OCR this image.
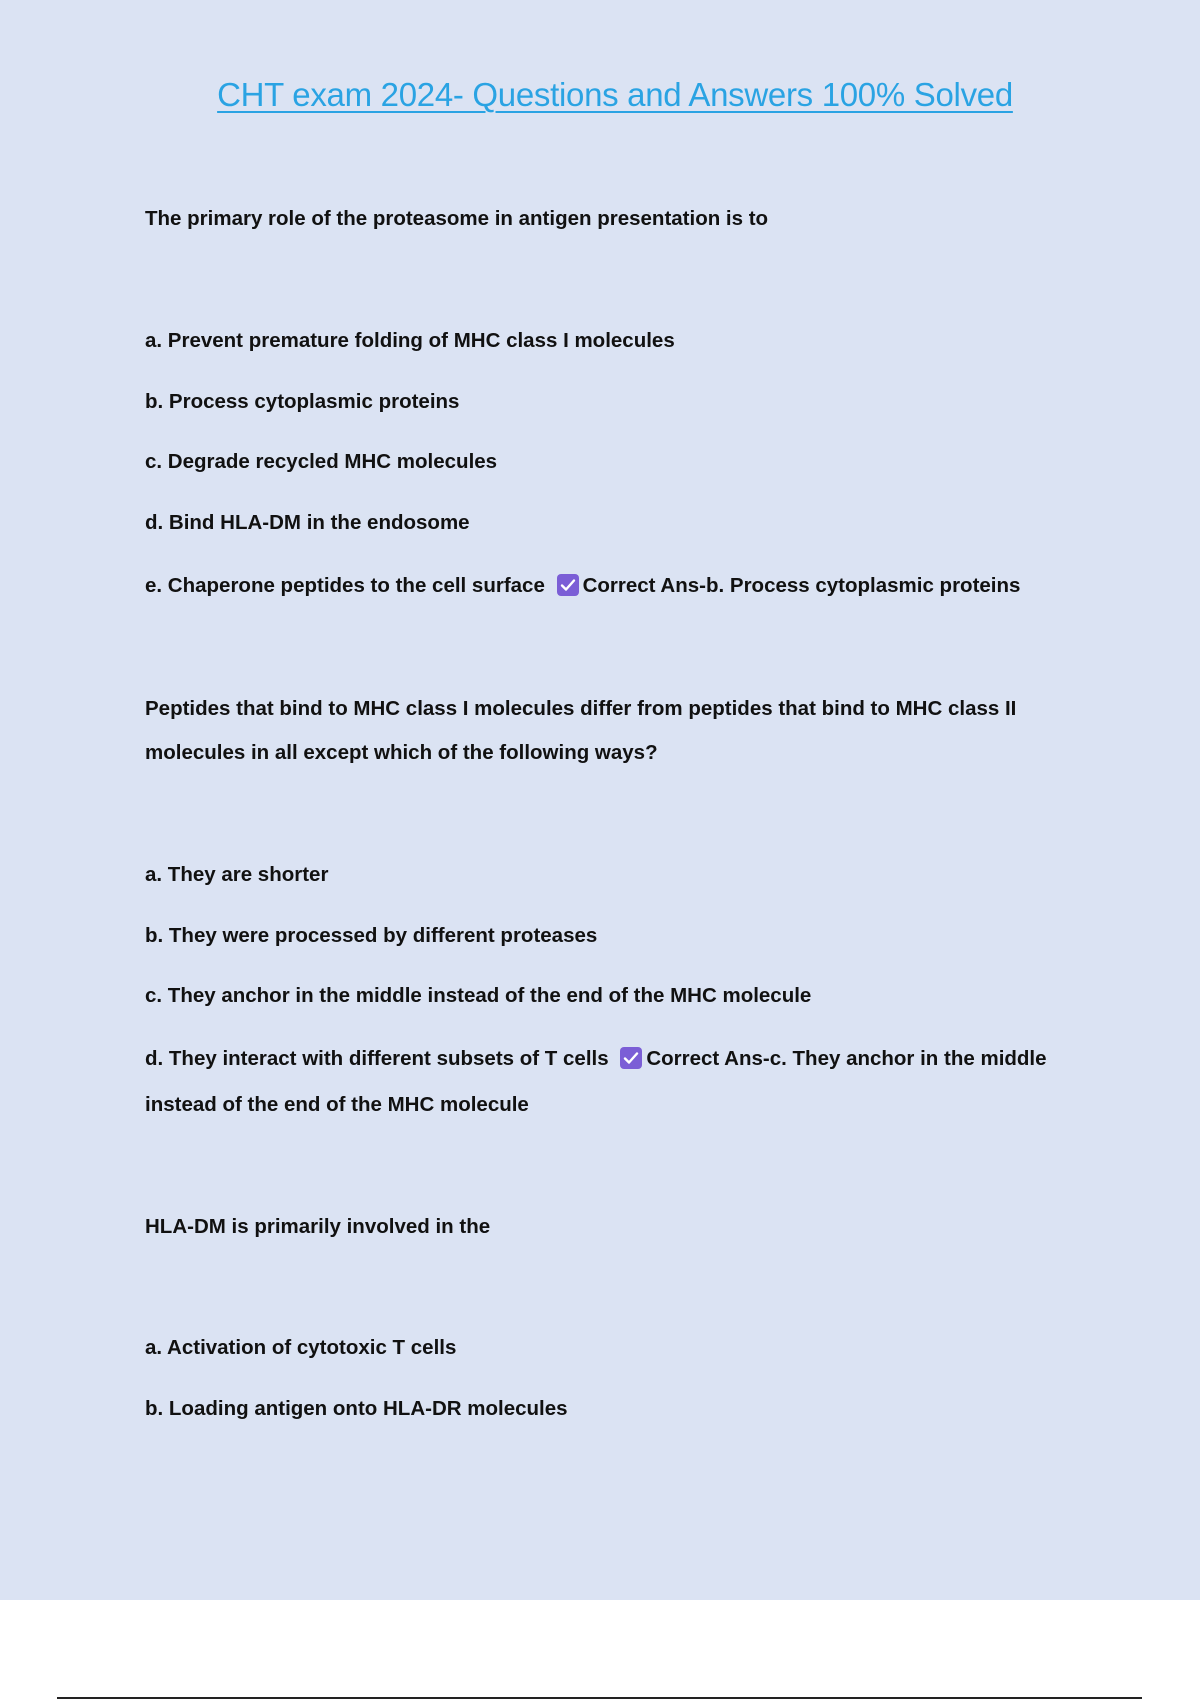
CHT exam 2024- Questions and Answers 100% Solved

The primary role of the proteasome in antigen presentation is to

a. Prevent premature folding of MHC class I molecules

b. Process cytoplasmic proteins

c. Degrade recycled MHC molecules

d. Bind HLA-DM in the endosome

e. Chaperone peptides to the cell surface Correct Ans-b. Process cytoplasmic proteins

Peptides that bind to MHC class I molecules differ from peptides that bind to MHC class II

molecules in all except which of the following ways?

a. They are shorter

b. They were processed by different proteases

c. They anchor in the middle instead of the end of the MHC molecule

d. They interact with different subsets of T cells Correct Ans-c. They anchor in the middle

instead of the end of the MHC molecule

HLA-DM is primarily involved in the

a. Activation of cytotoxic T cells

b. Loading antigen onto HLA-DR molecules
